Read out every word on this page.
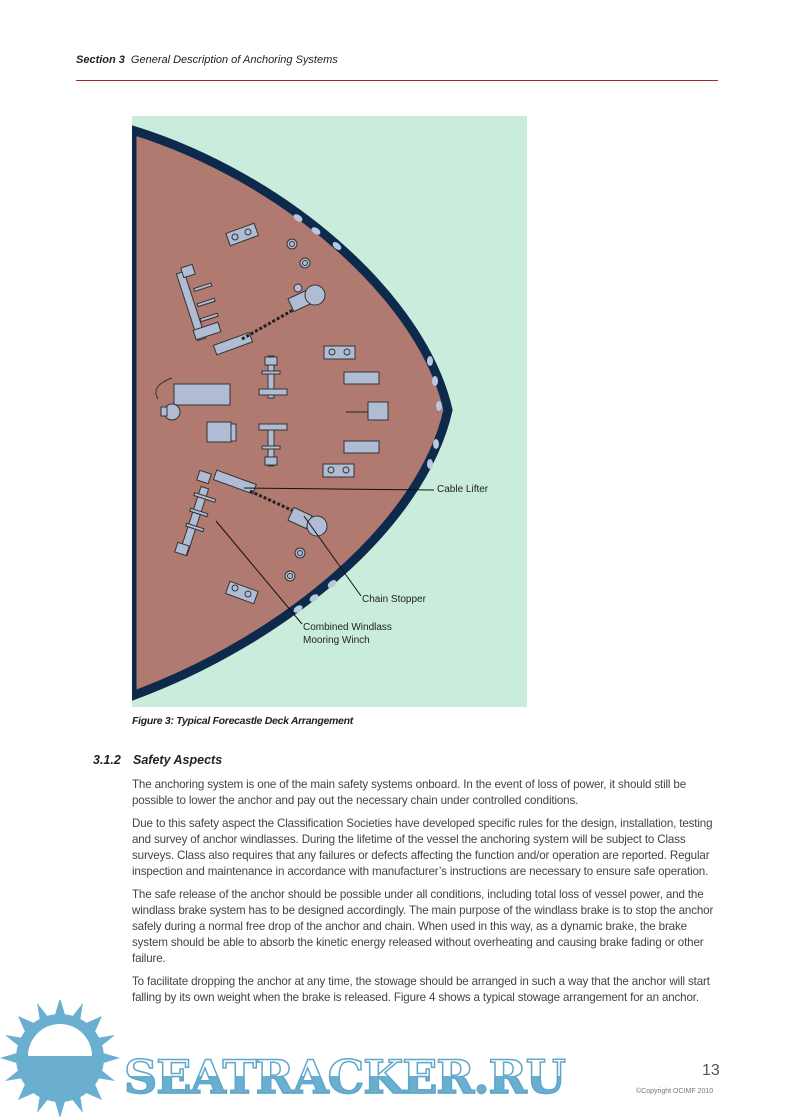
Section 3 General Description of Anchoring Systems
Cable Lifter
Chain Stopper
Combined Windlass
Mooring Winch
Figure 3: Typical Forecastle Deck Arrangement
3.1.2 Safety Aspects

The anchoring system is one of the main safety systems onboard. In the event of loss of power, it should still be possible to lower the anchor and pay out the necessary chain under controlled conditions.

Due to this safety aspect the Classification Societies have developed specific rules for the design, installation, testing and survey of anchor windlasses. During the lifetime of the vessel the anchoring system will be subject to Class surveys. Class also requires that any failures or defects affecting the function and/or operation are reported. Regular inspection and maintenance in accordance with manufacturer’s instructions are necessary to ensure safe operation.

The safe release of the anchor should be possible under all conditions, including total loss of vessel power, and the windlass brake system has to be designed accordingly. The main purpose of the windlass brake is to stop the anchor safely during a normal free drop of the anchor and chain. When used in this way, as a dynamic brake, the brake system should be able to absorb the kinetic energy released without overheating and causing brake fading or other failure.

To facilitate dropping the anchor at any time, the stowage should be arranged in such a way that the anchor will start falling by its own weight when the brake is released. Figure 4 shows a typical stowage arrangement for an anchor.

SEATRACKER.RU	13
©Copyright OCIMF 2010
